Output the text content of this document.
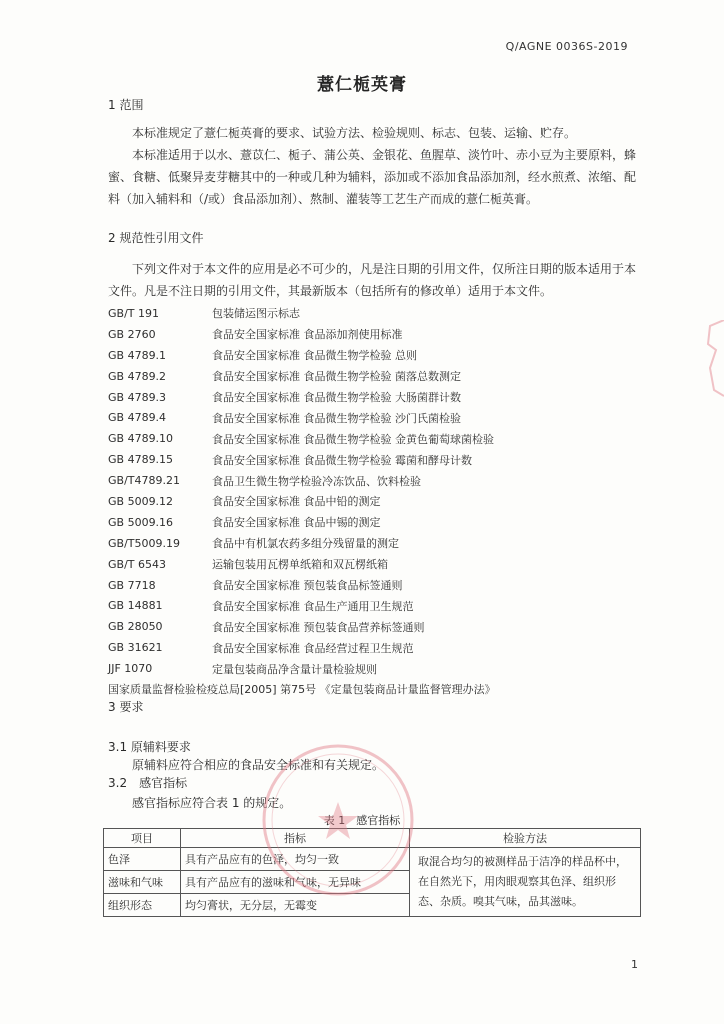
Q/AGNE 0036S-2019
薏仁栀英膏
1 范围
本标准规定了薏仁栀英膏的要求、试验方法、检验规则、标志、包装、运输、贮存。
本标准适用于以水、薏苡仁、栀子、蒲公英、金银花、鱼腥草、淡竹叶、赤小豆为主要原料，蜂蜜、食糖、低聚异麦芽糖其中的一种或几种为辅料，添加或不添加食品添加剂，经水煎煮、浓缩、配料（加入辅料和（/或）食品添加剂）、熬制、灌装等工艺生产而成的薏仁栀英膏。
2 规范性引用文件
下列文件对于本文件的应用是必不可少的，凡是注日期的引用文件，仅所注日期的版本适用于本文件。凡是不注日期的引用文件，其最新版本（包括所有的修改单）适用于本文件。
GB/T 191	包装储运图示标志
GB 2760	食品安全国家标准 食品添加剂使用标准
GB 4789.1	食品安全国家标准 食品微生物学检验 总则
GB 4789.2	食品安全国家标准 食品微生物学检验 菌落总数测定
GB 4789.3	食品安全国家标准 食品微生物学检验 大肠菌群计数
GB 4789.4	食品安全国家标准 食品微生物学检验 沙门氏菌检验
GB 4789.10	食品安全国家标准 食品微生物学检验 金黄色葡萄球菌检验
GB 4789.15	食品安全国家标准 食品微生物学检验 霉菌和酵母计数
GB/T4789.21	食品卫生微生物学检验冷冻饮品、饮料检验
GB 5009.12	食品安全国家标准 食品中铅的测定
GB 5009.16	食品安全国家标准 食品中锡的测定
GB/T5009.19	食品中有机氯农药多组分残留量的测定
GB/T 6543	运输包装用瓦楞单纸箱和双瓦楞纸箱
GB 7718	食品安全国家标准 预包装食品标签通则
GB 14881	食品安全国家标准 食品生产通用卫生规范
GB 28050	食品安全国家标准 预包装食品营养标签通则
GB 31621	食品安全国家标准 食品经营过程卫生规范
JJF 1070	定量包装商品净含量计量检验规则
国家质量监督检验检疫总局[2005] 第75号 《定量包装商品计量监督管理办法》
3 要求
3.1 原辅料要求
原辅料应符合相应的食品安全标准和有关规定。
3.2　感官指标
感官指标应符合表 1 的规定。
表 1　感官指标
项目	指标	检验方法
色泽	具有产品应有的色泽，均匀一致	取混合均匀的被测样品于洁净的样品杯中，在自然光下，用肉眼观察其色泽、组织形态、杂质。嗅其气味，品其滋味。
滋味和气味	具有产品应有的滋味和气味，无异味	
组织形态	均匀膏状，无分层，无霉变	
1
